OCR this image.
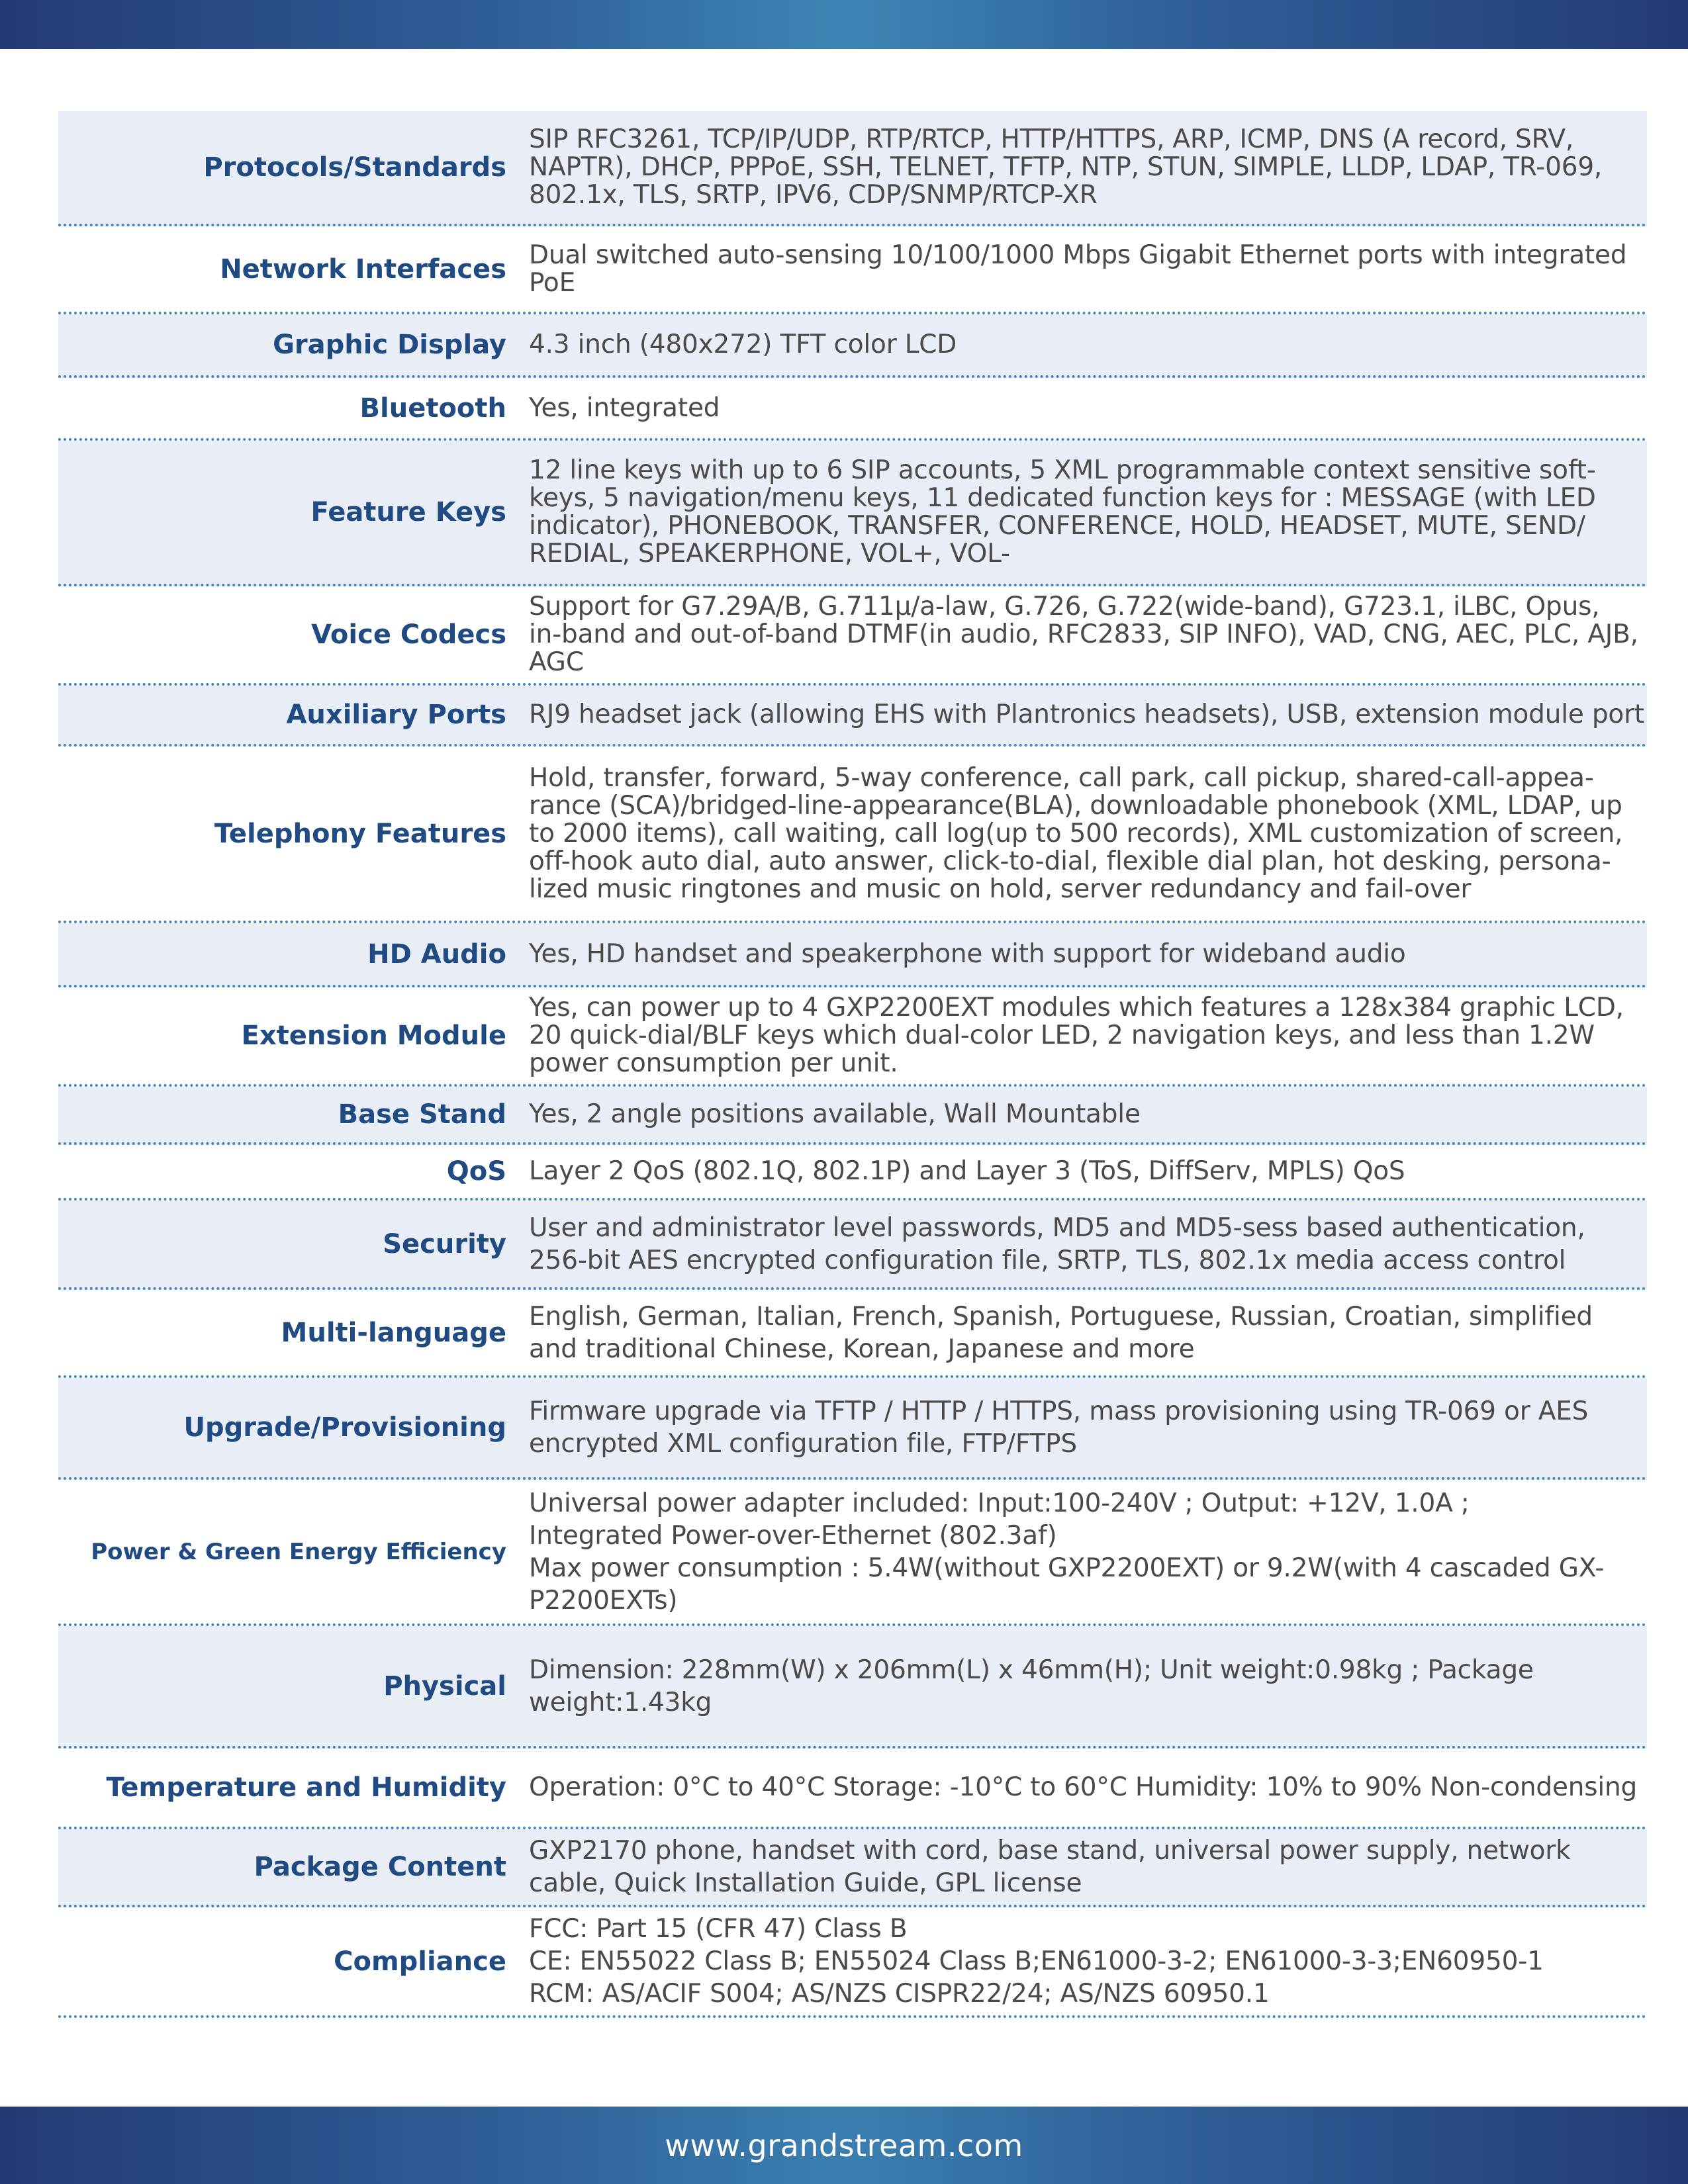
Protocols/Standards
SIP RFC3261, TCP/IP/UDP, RTP/RTCP, HTTP/HTTPS, ARP, ICMP, DNS (A record, SRV,
NAPTR), DHCP, PPPoE, SSH, TELNET, TFTP, NTP, STUN, SIMPLE, LLDP, LDAP, TR-069,
802.1x, TLS, SRTP, IPV6, CDP/SNMP/RTCP-XR
Network Interfaces Dual switched auto-sensing 10/100/1000 Mbps Gigabit Ethernet ports with integrated
PoE
Graphic Display 4.3 inch (480x272) TFT color LCD
Bluetooth Yes, integrated
Feature Keys
12 line keys with up to 6 SIP accounts, 5 XML programmable context sensitive soft-
keys, 5 navigation/menu keys, 11 dedicated function keys for : MESSAGE (with LED
indicator), PHONEBOOK, TRANSFER, CONFERENCE, HOLD, HEADSET, MUTE, SEND/
REDIAL, SPEAKERPHONE, VOL+, VOL-
Voice Codecs
Support for G7.29A/B, G.711μ/a-law, G.726, G.722(wide-band), G723.1, iLBC, Opus,
in-band and out-of-band DTMF(in audio, RFC2833, SIP INFO), VAD, CNG, AEC, PLC, AJB,
AGC
Auxiliary Ports RJ9 headset jack (allowing EHS with Plantronics headsets), USB, extension module port
Telephony Features
Hold, transfer, forward, 5-way conference, call park, call pickup, shared-call-appea-
rance (SCA)/bridged-line-appearance(BLA), downloadable phonebook (XML, LDAP, up
to 2000 items), call waiting, call log(up to 500 records), XML customization of screen,
off-hook auto dial, auto answer, click-to-dial, flexible dial plan, hot desking, persona-
lized music ringtones and music on hold, server redundancy and fail-over
HD Audio Yes, HD handset and speakerphone with support for wideband audio
Extension Module
Yes, can power up to 4 GXP2200EXT modules which features a 128x384 graphic LCD,
20 quick-dial/BLF keys which dual-color LED, 2 navigation keys, and less than 1.2W
power consumption per unit.
Base Stand Yes, 2 angle positions available, Wall Mountable
QoS Layer 2 QoS (802.1Q, 802.1P) and Layer 3 (ToS, DiffServ, MPLS) QoS
Security
User and administrator level passwords, MD5 and MD5-sess based authentication,
256-bit AES encrypted configuration file, SRTP, TLS, 802.1x media access control
Multi-language
English, German, Italian, French, Spanish, Portuguese, Russian, Croatian, simplified
and traditional Chinese, Korean, Japanese and more
Upgrade/Provisioning
Firmware upgrade via TFTP / HTTP / HTTPS, mass provisioning using TR-069 or AES
encrypted XML configuration file, FTP/FTPS
Power & Green Energy Efficiency
Universal power adapter included: Input:100-240V ; Output: +12V, 1.0A ;
Integrated Power-over-Ethernet (802.3af)
Max power consumption : 5.4W(without GXP2200EXT) or 9.2W(with 4 cascaded GX-
P2200EXTs)
Physical
Dimension: 228mm(W) x 206mm(L) x 46mm(H); Unit weight:0.98kg ; Package
weight:1.43kg
Temperature and Humidity Operation: 0°C to 40°C Storage: -10°C to 60°C Humidity: 10% to 90% Non-condensing
Package Content
GXP2170 phone, handset with cord, base stand, universal power supply, network
cable, Quick Installation Guide, GPL license
Compliance
FCC: Part 15 (CFR 47) Class B
CE: EN55022 Class B; EN55024 Class B;EN61000-3-2; EN61000-3-3;EN60950-1
RCM: AS/ACIF S004; AS/NZS CISPR22/24; AS/NZS 60950.1
www.grandstream.com
